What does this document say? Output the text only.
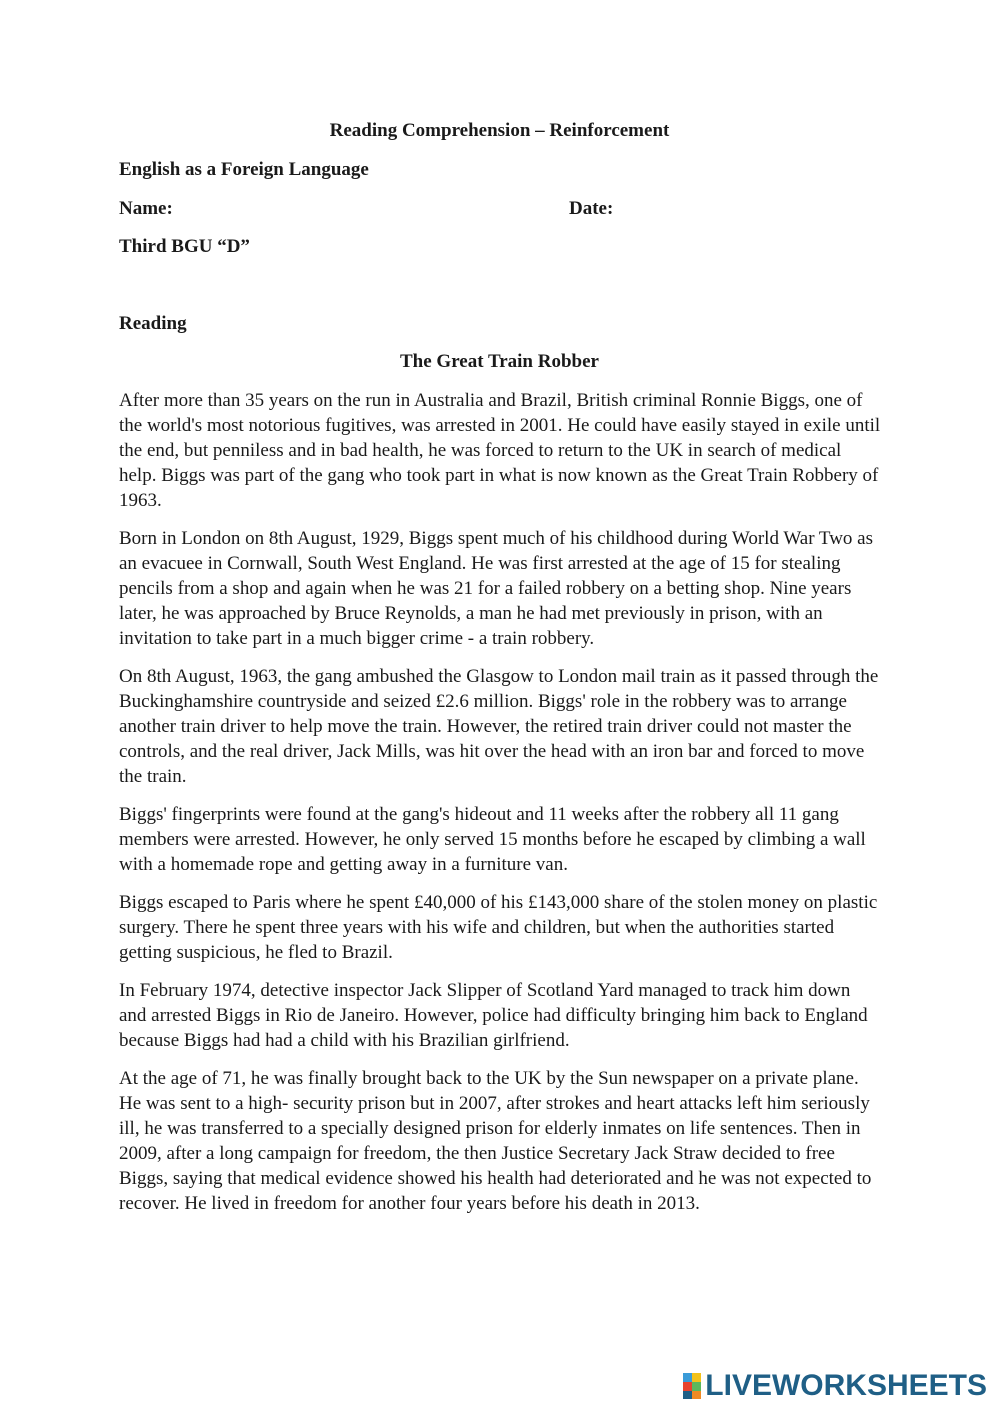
Reading Comprehension – Reinforcement
English as a Foreign Language
Name:	Date:
Third BGU “D”
Reading
The Great Train Robber

After more than 35 years on the run in Australia and Brazil, British criminal Ronnie Biggs, one of the world's most notorious fugitives, was arrested in 2001. He could have easily stayed in exile until the end, but penniless and in bad health, he was forced to return to the UK in search of medical help. Biggs was part of the gang who took part in what is now known as the Great Train Robbery of 1963.

Born in London on 8th August, 1929, Biggs spent much of his childhood during World War Two as an evacuee in Cornwall, South West England. He was first arrested at the age of 15 for stealing pencils from a shop and again when he was 21 for a failed robbery on a betting shop. Nine years later, he was approached by Bruce Reynolds, a man he had met previously in prison, with an invitation to take part in a much bigger crime - a train robbery.

On 8th August, 1963, the gang ambushed the Glasgow to London mail train as it passed through the Buckinghamshire countryside and seized £2.6 million. Biggs' role in the robbery was to arrange another train driver to help move the train. However, the retired train driver could not master the controls, and the real driver, Jack Mills, was hit over the head with an iron bar and forced to move the train.

Biggs' fingerprints were found at the gang's hideout and 11 weeks after the robbery all 11 gang members were arrested. However, he only served 15 months before he escaped by climbing a wall with a homemade rope and getting away in a furniture van.

Biggs escaped to Paris where he spent £40,000 of his £143,000 share of the stolen money on plastic surgery. There he spent three years with his wife and children, but when the authorities started getting suspicious, he fled to Brazil.

In February 1974, detective inspector Jack Slipper of Scotland Yard managed to track him down and arrested Biggs in Rio de Janeiro. However, police had difficulty bringing him back to England because Biggs had had a child with his Brazilian girlfriend.

At the age of 71, he was finally brought back to the UK by the Sun newspaper on a private plane. He was sent to a high- security prison but in 2007, after strokes and heart attacks left him seriously ill, he was transferred to a specially designed prison for elderly inmates on life sentences. Then in 2009, after a long campaign for freedom, the then Justice Secretary Jack Straw decided to free Biggs, saying that medical evidence showed his health had deteriorated and he was not expected to recover. He lived in freedom for another four years before his death in 2013.

LIVEWORKSHEETS
